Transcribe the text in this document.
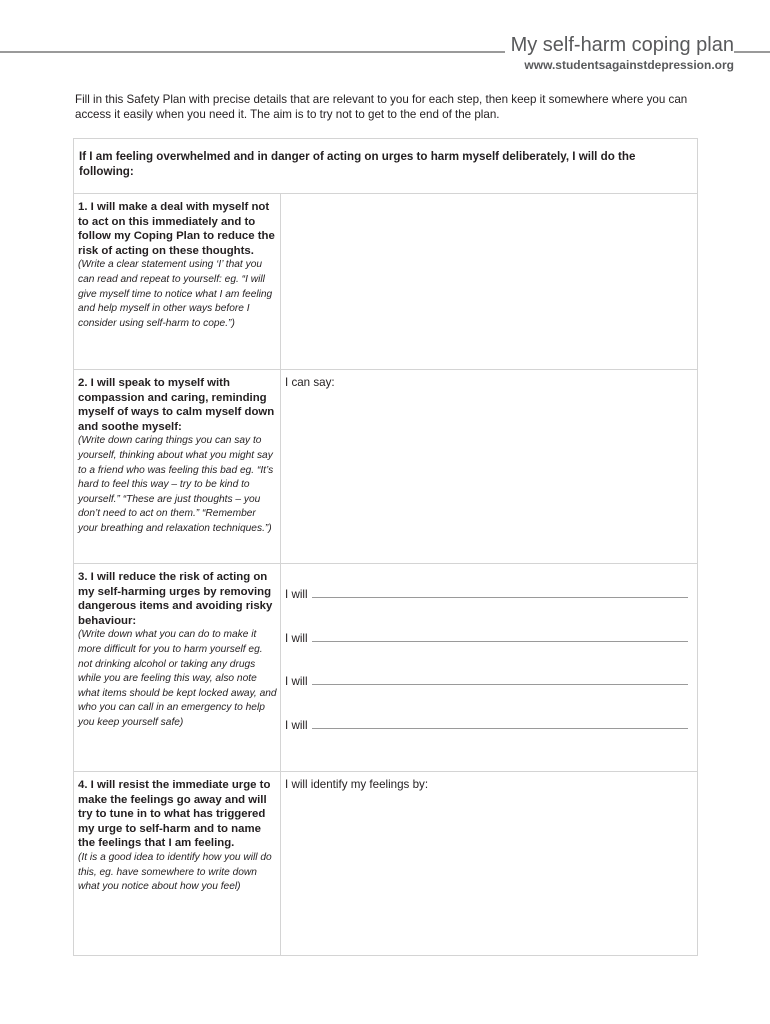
My self-harm coping plan
www.studentsagainstdepression.org

Fill in this Safety Plan with precise details that are relevant to you for each step, then keep it somewhere where you can access it easily when you need it. The aim is to try not to get to the end of the plan.

If I am feeling overwhelmed and in danger of acting on urges to harm myself deliberately, I will do the following:
1. I will make a deal with myself not to act on this immediately and to follow my Coping Plan to reduce the risk of acting on these thoughts.
(Write a clear statement using ‘I’ that you can read and repeat to yourself: eg. “I will give myself time to notice what I am feeling and help myself in other ways before I consider using self-harm to cope.”)
2. I will speak to myself with compassion and caring, reminding myself of ways to calm myself down and soothe myself:
(Write down caring things you can say to yourself, thinking about what you might say to a friend who was feeling this bad eg. “It’s hard to feel this way – try to be kind to yourself.” “These are just thoughts – you don’t need to act on them.” “Remember your breathing and relaxation techniques.”)
I can say:
3. I will reduce the risk of acting on my self-harming urges by removing dangerous items and avoiding risky behaviour:
(Write down what you can do to make it more difficult for you to harm yourself eg. not drinking alcohol or taking any drugs while you are feeling this way, also note what items should be kept locked away, and who you can call in an emergency to help you keep yourself safe)
I will
I will
I will
I will
4. I will resist the immediate urge to make the feelings go away and will try to tune in to what has triggered my urge to self-harm and to name the feelings that I am feeling.
(It is a good idea to identify how you will do this, eg. have somewhere to write down what you notice about how you feel)
I will identify my feelings by:
